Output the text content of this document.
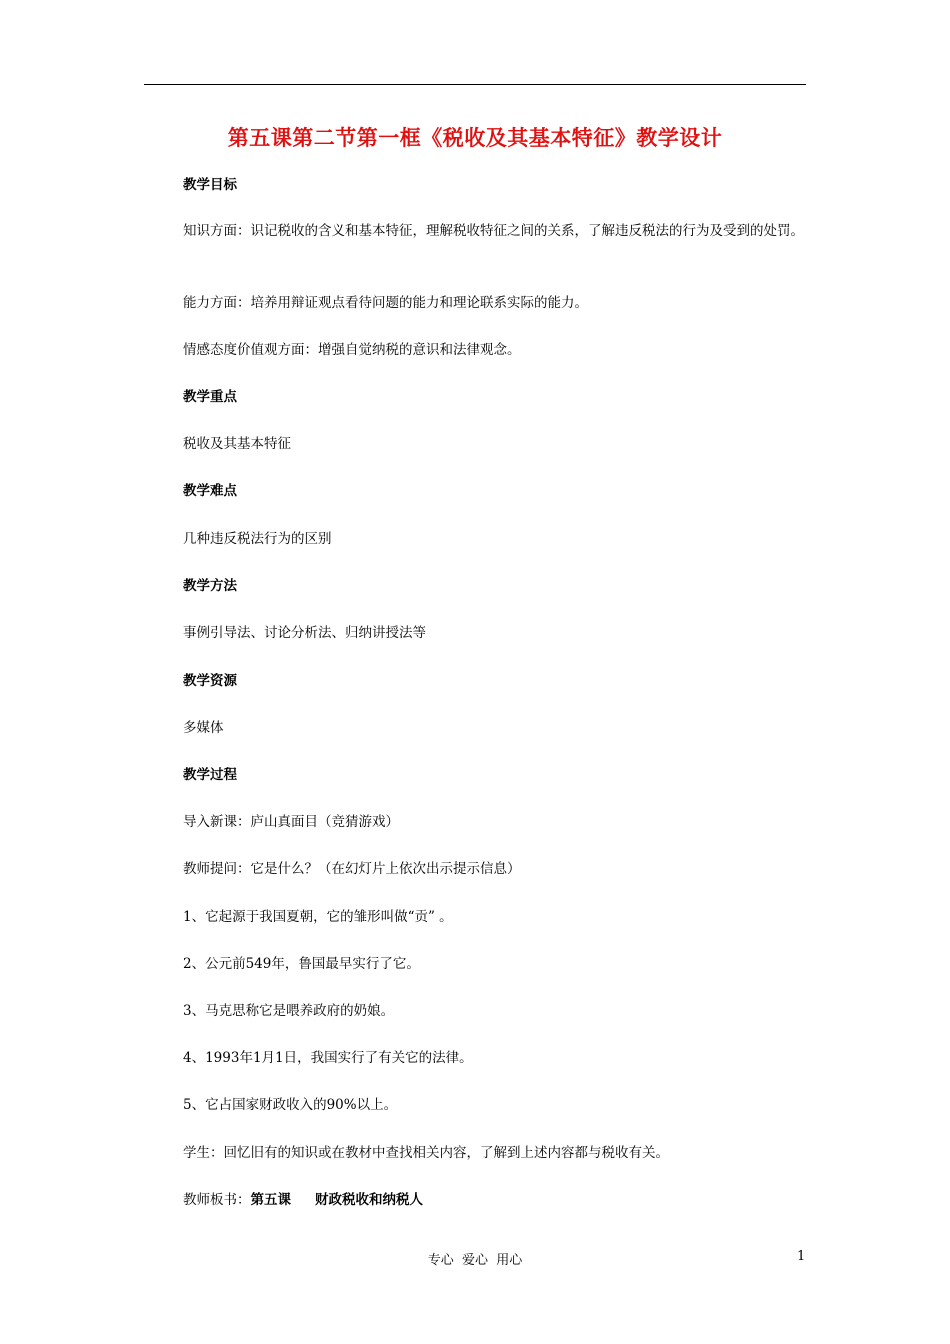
第五课第二节第一框《税收及其基本特征》教学设计
教学目标
知识方面：识记税收的含义和基本特征，理解税收特征之间的关系，了解违反税法的行为及受到的处罚。
能力方面：培养用辩证观点看待问题的能力和理论联系实际的能力。
情感态度价值观方面：增强自觉纳税的意识和法律观念。
教学重点
税收及其基本特征
教学难点
几种违反税法行为的区别
教学方法
事例引导法、讨论分析法、归纳讲授法等
教学资源
多媒体
教学过程
导入新课：庐山真面目（竞猜游戏）
教师提问：它是什么？（在幻灯片上依次出示提示信息）
1、它起源于我国夏朝，它的雏形叫做“贡” 。
2、公元前549年，鲁国最早实行了它。
3、马克思称它是喂养政府的奶娘。
4、1993年1月1日，我国实行了有关它的法律。
5、它占国家财政收入的90%以上。
学生：回忆旧有的知识或在教材中查找相关内容，了解到上述内容都与税收有关。
教师板书：第五课 财政税收和纳税人
专心  爱心  用心	1
